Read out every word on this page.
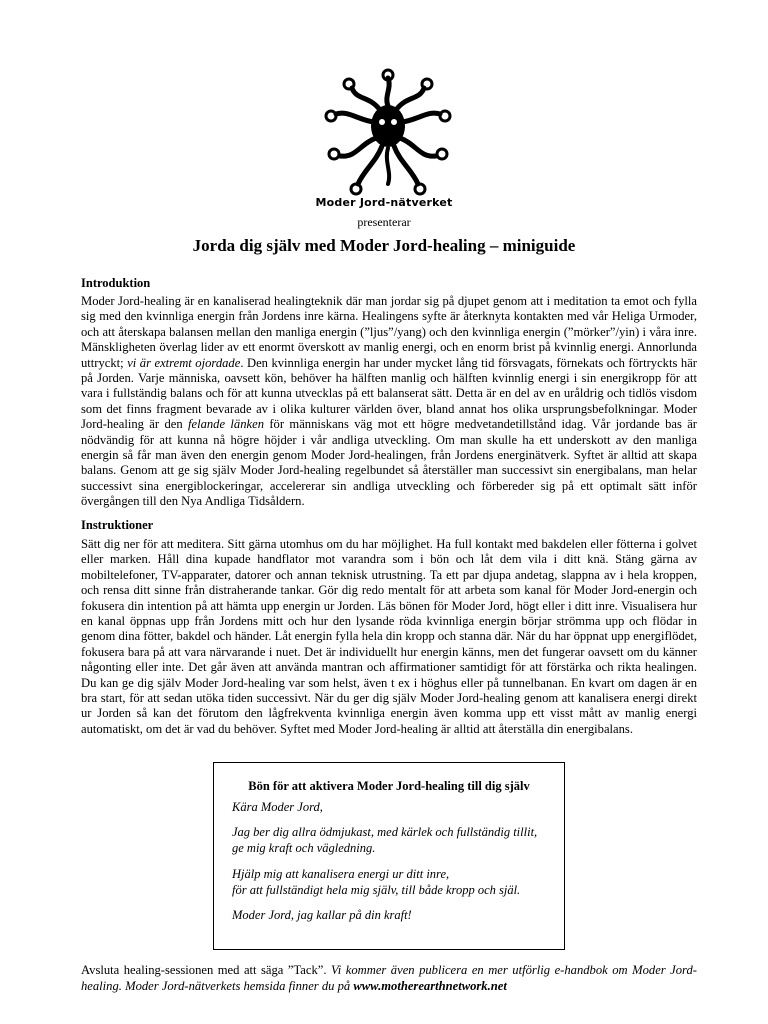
Moder Jord-nätverket
presenterar
Jorda dig själv med Moder Jord-healing – miniguide
Introduktion

Moder Jord-healing är en kanaliserad healingteknik där man jordar sig på djupet genom att i meditation ta emot och fylla sig med den kvinnliga energin från Jordens inre kärna. Healingens syfte är återknyta kontakten med vår Heliga Urmoder, och att återskapa balansen mellan den manliga energin (”ljus”/yang) och den kvinnliga energin (”mörker”/yin) i våra inre. Mänskligheten överlag lider av ett enormt överskott av manlig energi, och en enorm brist på kvinnlig energi. Annorlunda uttryckt; vi är extremt ojordade. Den kvinnliga energin har under mycket lång tid försvagats, förnekats och förtryckts här på Jorden. Varje människa, oavsett kön, behöver ha hälften manlig och hälften kvinnlig energi i sin energikropp för att vara i fullständig balans och för att kunna utvecklas på ett balanserat sätt. Detta är en del av en uråldrig och tidlös visdom som det finns fragment bevarade av i olika kulturer världen över, bland annat hos olika ursprungsbefolkningar. Moder Jord-healing är den felande länken för människans väg mot ett högre medvetandetillstånd idag. Vår jordande bas är nödvändig för att kunna nå högre höjder i vår andliga utveckling. Om man skulle ha ett underskott av den manliga energin så får man även den energin genom Moder Jord-healingen, från Jordens energinätverk. Syftet är alltid att skapa balans. Genom att ge sig själv Moder Jord-healing regelbundet så återställer man successivt sin energibalans, man helar successivt sina energiblockeringar, accelererar sin andliga utveckling och förbereder sig på ett optimalt sätt inför övergången till den Nya Andliga Tidsåldern.

Instruktioner

Sätt dig ner för att meditera. Sitt gärna utomhus om du har möjlighet. Ha full kontakt med bakdelen eller fötterna i golvet eller marken. Håll dina kupade handflator mot varandra som i bön och låt dem vila i ditt knä. Stäng gärna av mobiltelefoner, TV-apparater, datorer och annan teknisk utrustning. Ta ett par djupa andetag, slappna av i hela kroppen, och rensa ditt sinne från distraherande tankar. Gör dig redo mentalt för att arbeta som kanal för Moder Jord-energin och fokusera din intention på att hämta upp energin ur Jorden. Läs bönen för Moder Jord, högt eller i ditt inre. Visualisera hur en kanal öppnas upp från Jordens mitt och hur den lysande röda kvinnliga energin börjar strömma upp och flödar in genom dina fötter, bakdel och händer. Låt energin fylla hela din kropp och stanna där. När du har öppnat upp energiflödet, fokusera bara på att vara närvarande i nuet. Det är individuellt hur energin känns, men det fungerar oavsett om du känner någonting eller inte. Det går även att använda mantran och affirmationer samtidigt för att förstärka och rikta healingen. Du kan ge dig själv Moder Jord-healing var som helst, även t ex i höghus eller på tunnelbanan. En kvart om dagen är en bra start, för att sedan utöka tiden successivt. När du ger dig själv Moder Jord-healing genom att kanalisera energi direkt ur Jorden så kan det förutom den lågfrekventa kvinnliga energin även komma upp ett visst mått av manlig energi automatiskt, om det är vad du behöver. Syftet med Moder Jord-healing är alltid att återställa din energibalans.

Bön för att aktivera Moder Jord-healing till dig själv
Kära Moder Jord,
Jag ber dig allra ödmjukast, med kärlek och fullständig tillit,
ge mig kraft och vägledning.
Hjälp mig att kanalisera energi ur ditt inre,
för att fullständigt hela mig själv, till både kropp och själ.
Moder Jord, jag kallar på din kraft!
Avsluta healing-sessionen med att säga ”Tack”. Vi kommer även publicera en mer utförlig e-handbok om Moder Jord-healing. Moder Jord-nätverkets hemsida finner du på www.motherearthnetwork.net
